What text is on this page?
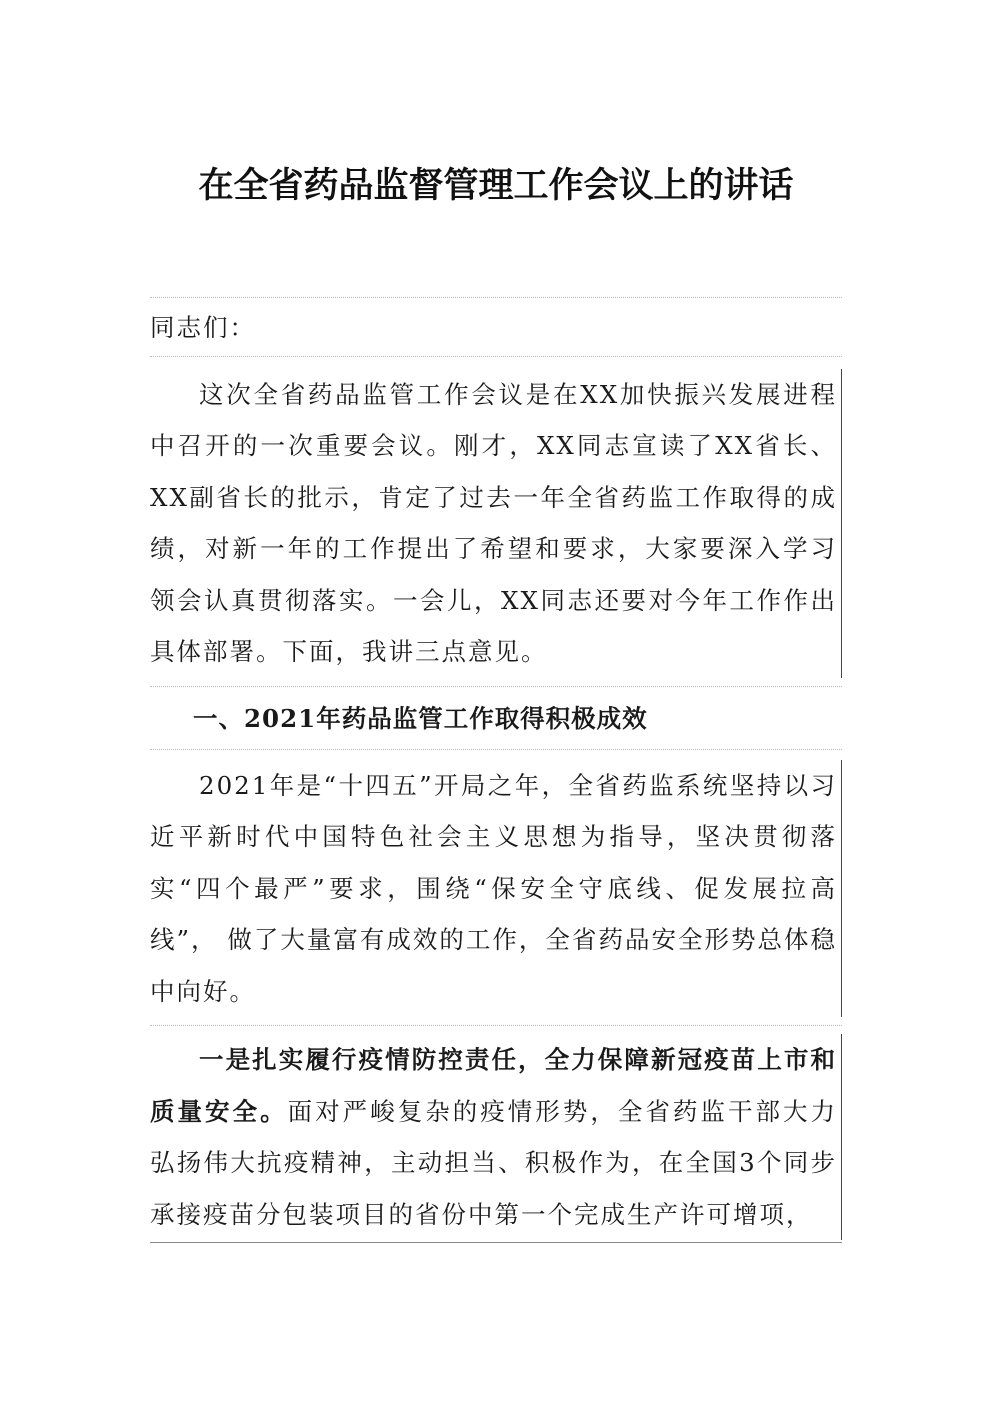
在全省药品监督管理工作会议上的讲话

同志们：

这次全省药品监管工作会议是在XX加快振兴发展进程中召开的一次重要会议。刚才，XX同志宣读了XX省长、XX副省长的批示，肯定了过去一年全省药监工作取得的成绩，对新一年的工作提出了希望和要求，大家要深入学习领会认真贯彻落实。一会儿，XX同志还要对今年工作作出具体部署。下面，我讲三点意见。

一、2021年药品监管工作取得积极成效

2021年是“十四五”开局之年，全省药监系统坚持以习近平新时代中国特色社会主义思想为指导，坚决贯彻落实“四个最严”要求，围绕“保安全守底线、促发展拉高线”， 做了大量富有成效的工作，全省药品安全形势总体稳中向好。

一是扎实履行疫情防控责任，全力保障新冠疫苗上市和质量安全。面对严峻复杂的疫情形势，全省药监干部大力弘扬伟大抗疫精神，主动担当、积极作为，在全国3个同步承接疫苗分包装项目的省份中第一个完成生产许可增项，
